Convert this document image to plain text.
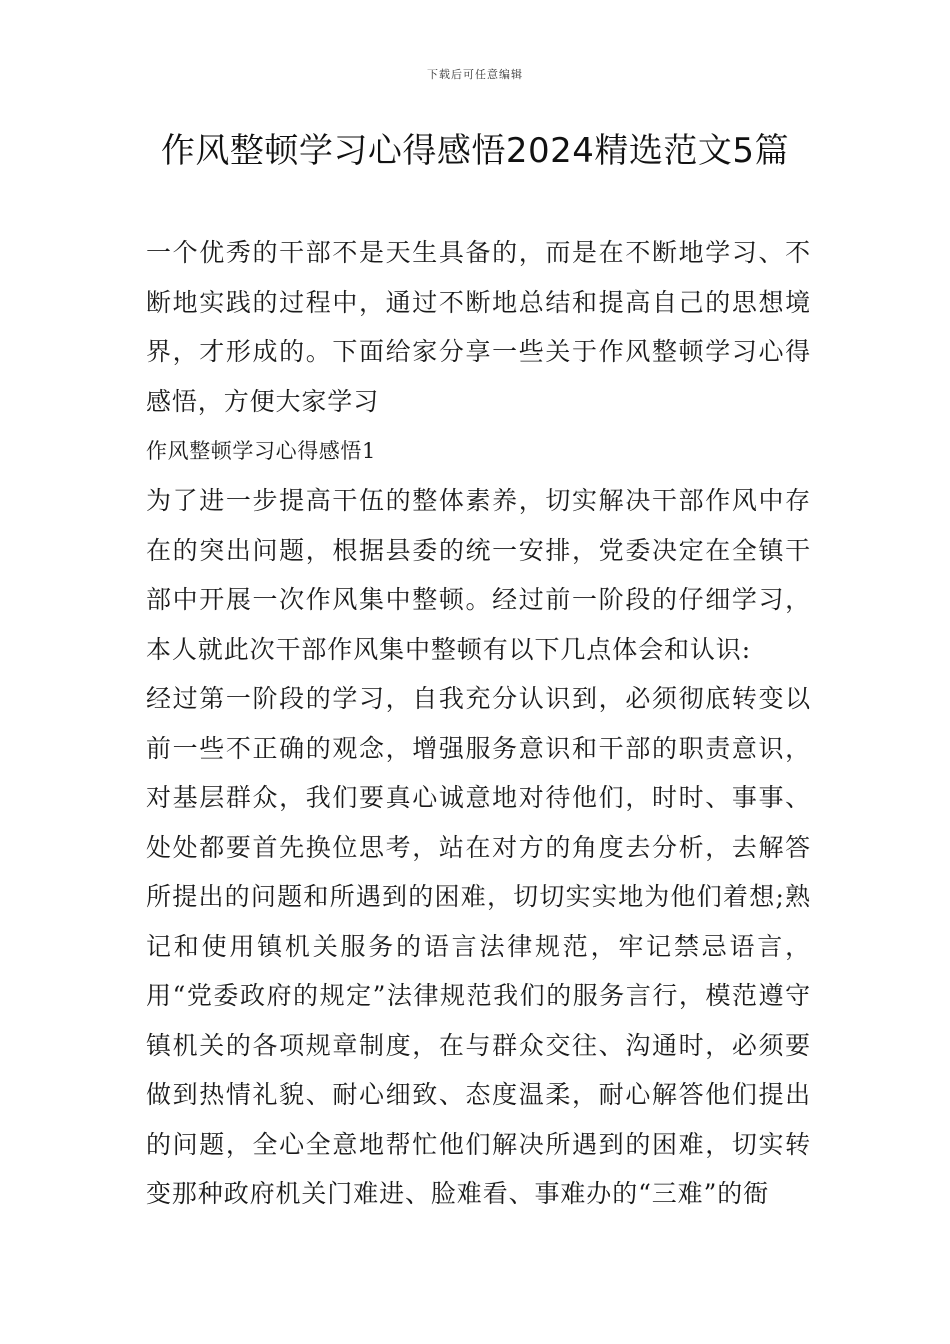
下载后可任意编辑
作风整顿学习心得感悟2024精选范文5篇

一个优秀的干部不是天生具备的，而是在不断地学习、不断地实践的过程中，通过不断地总结和提高自己的思想境界，才形成的。下面给家分享一些关于作风整顿学习心得感悟，方便大家学习

作风整顿学习心得感悟1

为了进一步提高干伍的整体素养，切实解决干部作风中存在的突出问题，根据县委的统一安排，党委决定在全镇干部中开展一次作风集中整顿。经过前一阶段的仔细学习，本人就此次干部作风集中整顿有以下几点体会和认识:

经过第一阶段的学习，自我充分认识到，必须彻底转变以前一些不正确的观念，增强服务意识和干部的职责意识，对基层群众，我们要真心诚意地对待他们，时时、事事、处处都要首先换位思考，站在对方的角度去分析，去解答所提出的问题和所遇到的困难，切切实实地为他们着想;熟记和使用镇机关服务的语言法律规范，牢记禁忌语言，用“党委政府的规定”法律规范我们的服务言行，模范遵守镇机关的各项规章制度，在与群众交往、沟通时，必须要做到热情礼貌、耐心细致、态度温柔，耐心解答他们提出的问题，全心全意地帮忙他们解决所遇到的困难，切实转变那种政府机关门难进、脸难看、事难办的“三难”的衙
